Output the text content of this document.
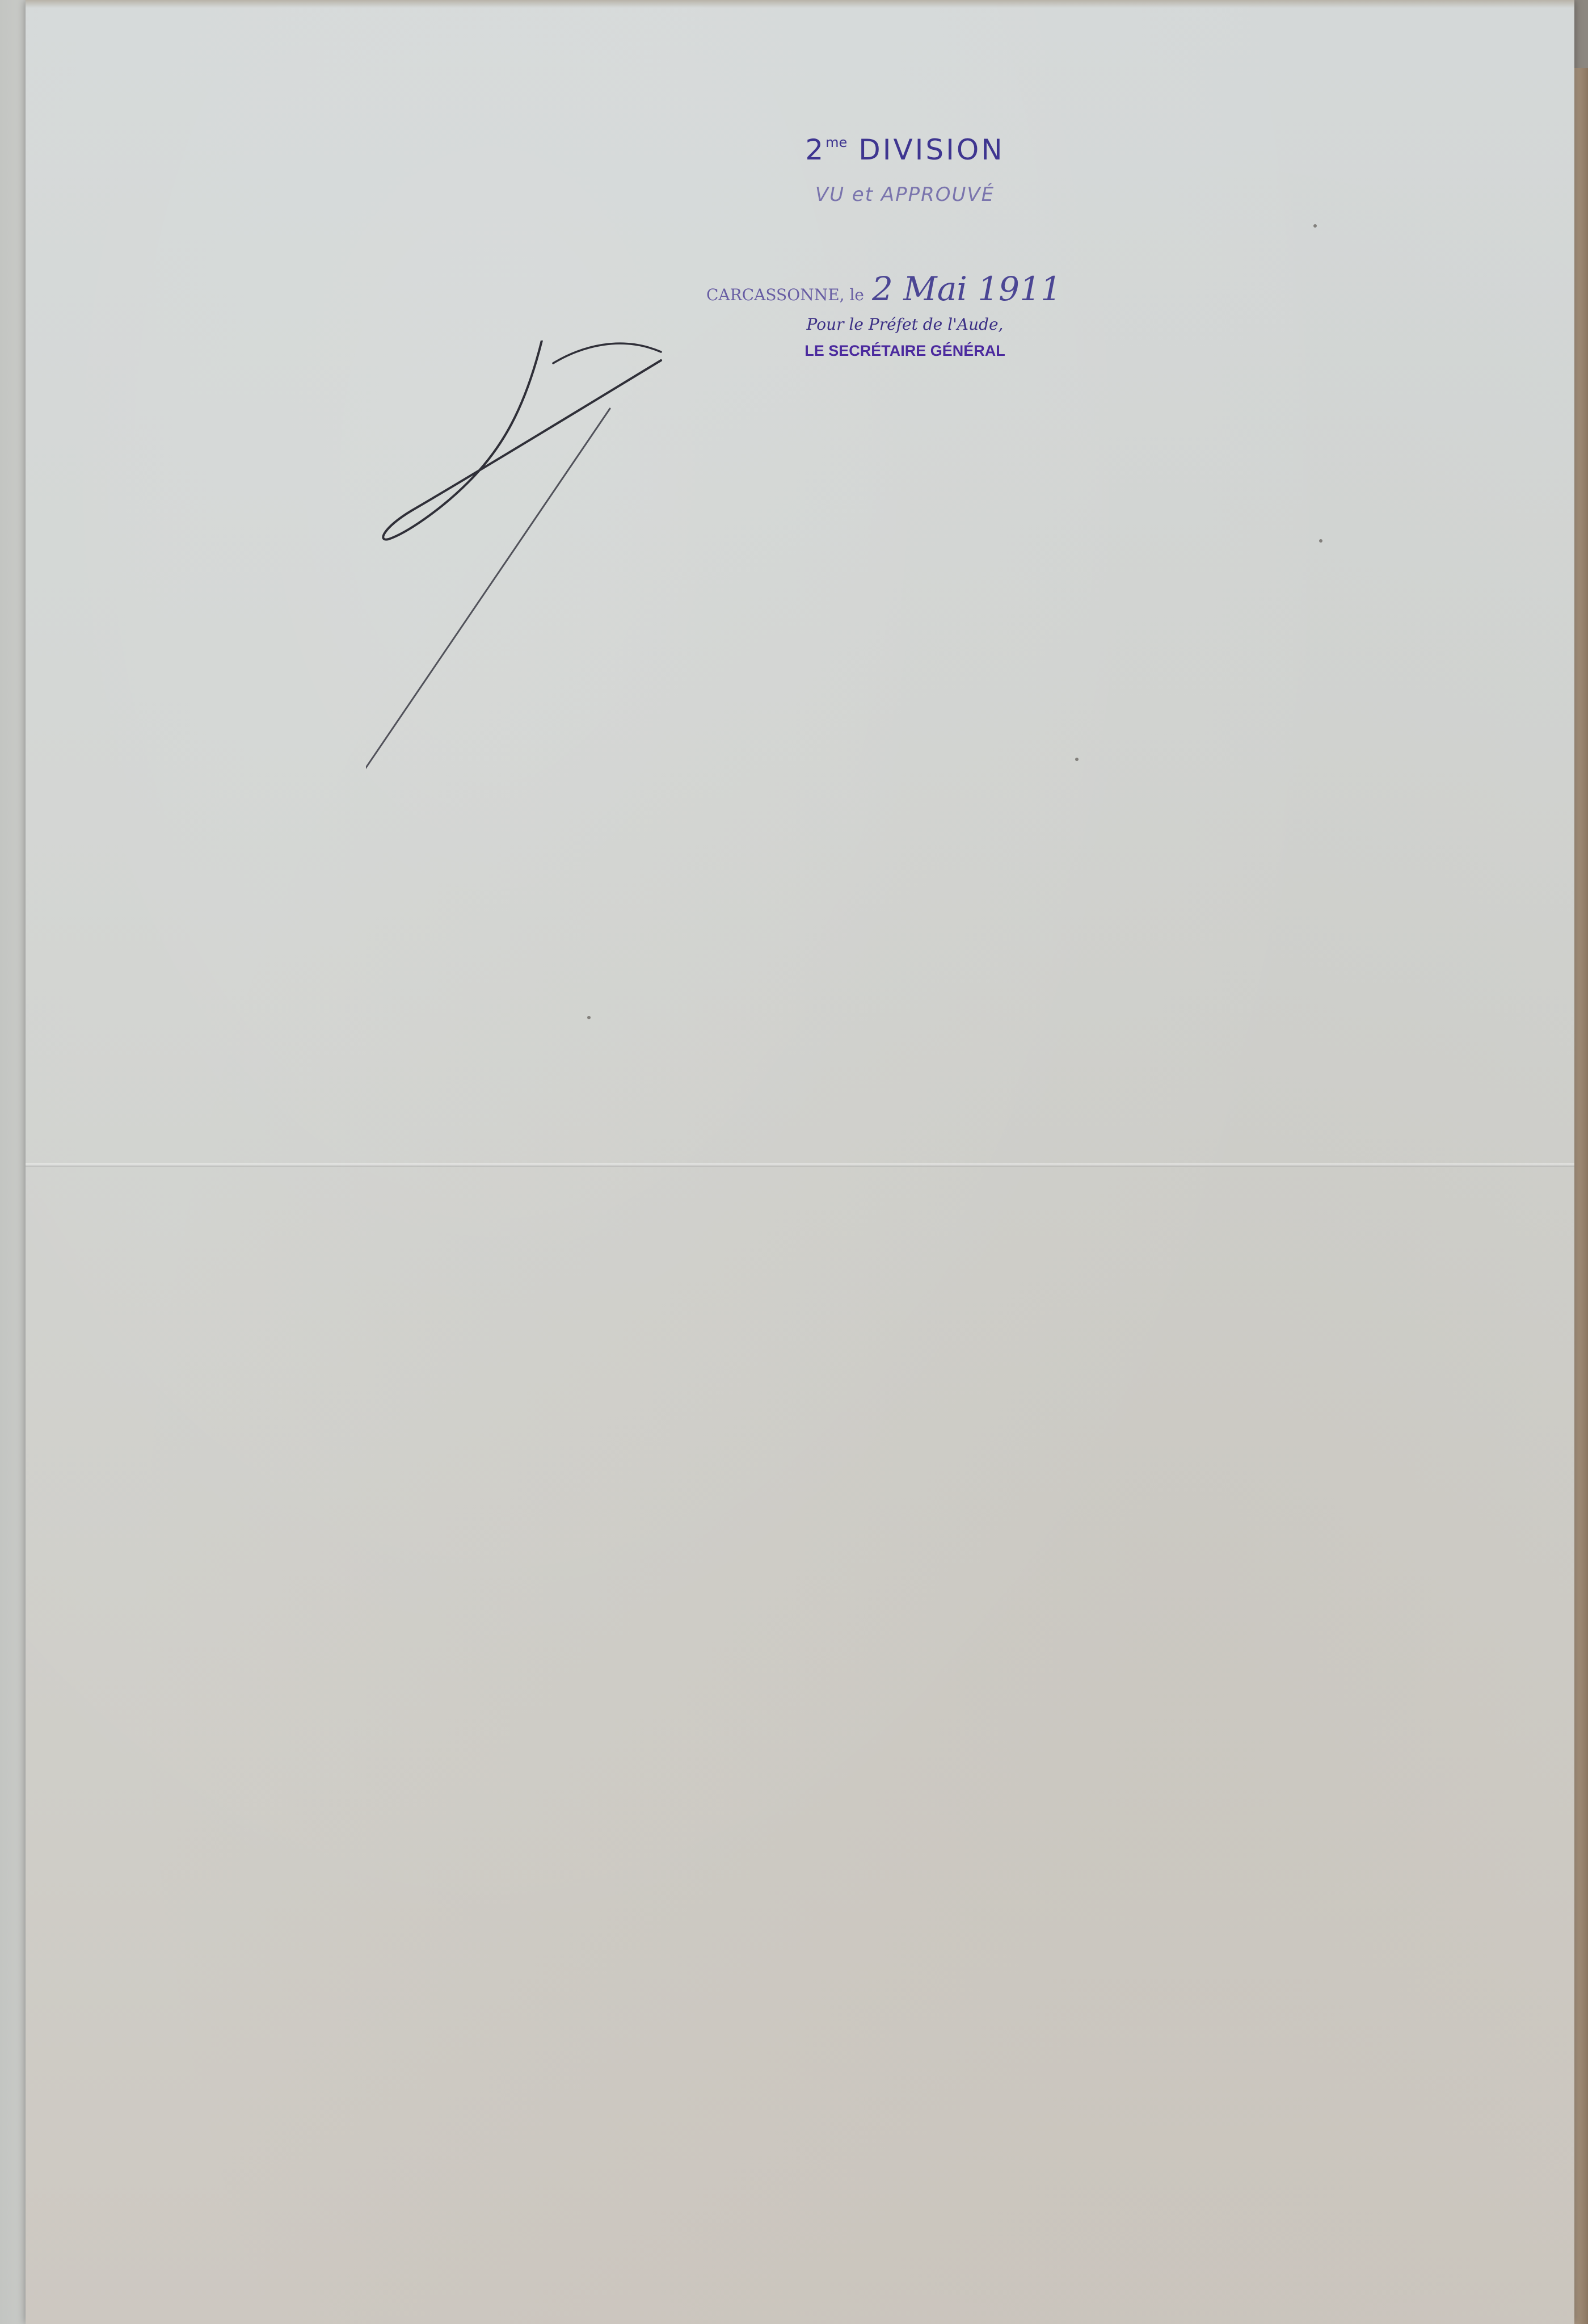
$2^{me}$ DIVISION
VU et APPROUVÉ
CARCASSONNE, le 2 Mai 1911
Pour le Préfet de l'Aude,
LE SECRÉTAIRE GÉNÉRAL
